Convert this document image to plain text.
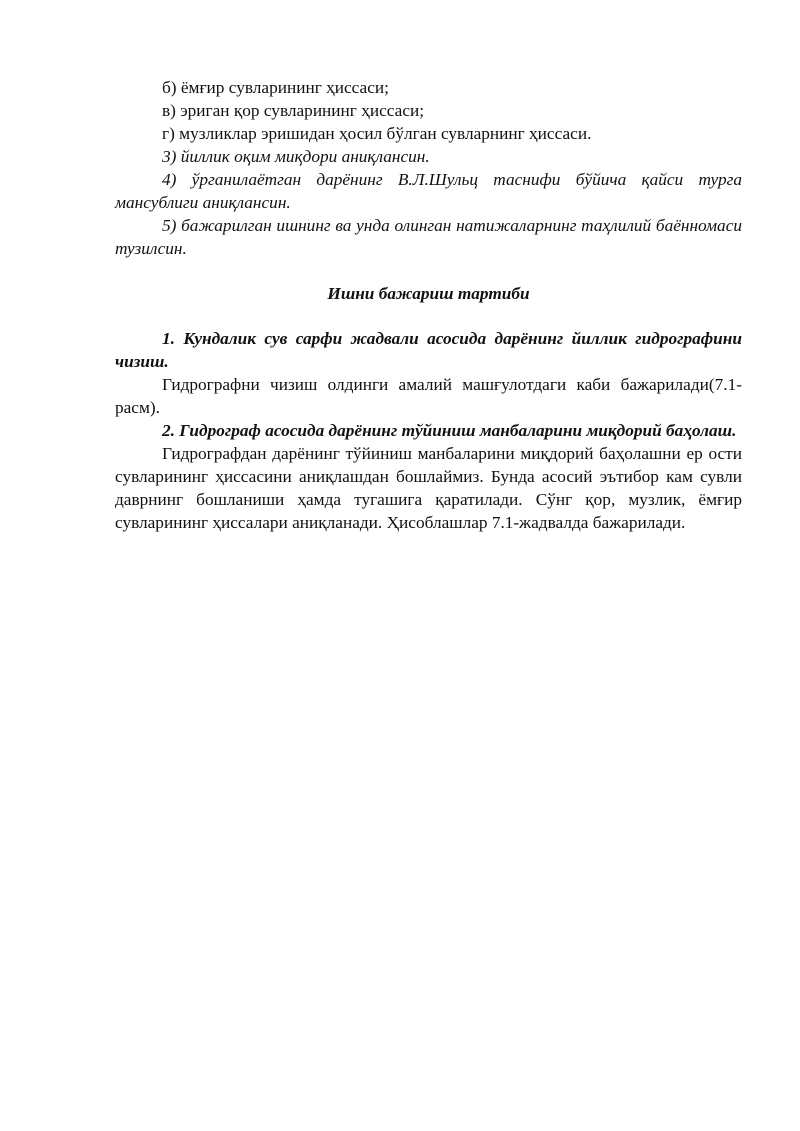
б) ёмғир сувларининг ҳиссаси;

в) эриган қор сувларининг ҳиссаси;

г) музликлар эришидан ҳосил бўлган сувларнинг ҳиссаси.

3) йиллик оқим миқдори аниқлансин.

4) ўрганилаётган дарёнинг В.Л.Шульц таснифи бўйича қайси турга мансублиги аниқлансин.

5) бажарилган ишнинг ва унда олинган натижаларнинг таҳлилий баённомаси тузилсин.

Ишни бажариш тартиби

1. Кундалик сув сарфи жадвали асосида дарёнинг йиллик гидрографини чизиш.

Гидрографни чизиш олдинги амалий машғулотдаги каби бажарилади(7.1-расм).

2. Гидрограф асосида дарёнинг тўйиниш манбаларини миқдорий баҳолаш.

Гидрографдан дарёнинг тўйиниш манбаларини миқдорий баҳолашни ер ости сувларининг ҳиссасини аниқлашдан бошлаймиз. Бунда асосий эътибор кам сувли даврнинг бошланиши ҳамда тугашига қаратилади. Сўнг қор, музлик, ёмғир сувларининг ҳиссалари аниқланади. Ҳисоблашлар 7.1-жадвалда бажарилади.
